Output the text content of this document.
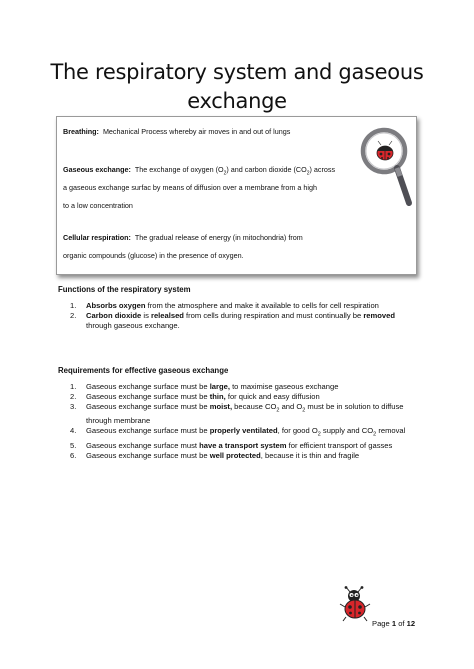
The respiratory system and gaseous
exchange
Breathing: Mechanical Process whereby air moves in and out of lungs
Gaseous exchange: The exchange of oxygen $(O_2)$ and carbon dioxide $(CO_2)$ across
a gaseous exchange surfac by means of diffusion over a membrane from a high
to a low concentration
Cellular respiration: The gradual release of energy (in mitochondria) from
organic compounds (glucose) in the presence of oxygen.
Functions of the respiratory system
1. Absorbs oxygen from the atmosphere and make it available to cells for cell respiration
2. Carbon dioxide is relealsed from cells during respiration and must continually be removed through gaseous exchange.
Requirements for effective gaseous exchange
1. Gaseous exchange surface must be large, to maximise gaseous exchange
2. Gaseous exchange surface must be thin, for quick and easy diffusion
3. Gaseous exchange surface must be moist, because $CO_2$ and $O_2$ must be in solution to diffuse through membrane
4. Gaseous exchange surface must be properly ventilated, for good $O_2$ supply and $CO_2$ removal
5. Gaseous exchange surface must have a transport system for efficient transport of gasses
6. Gaseous exchange surface must be well protected, because it is thin and fragile
Page 1 of 12
